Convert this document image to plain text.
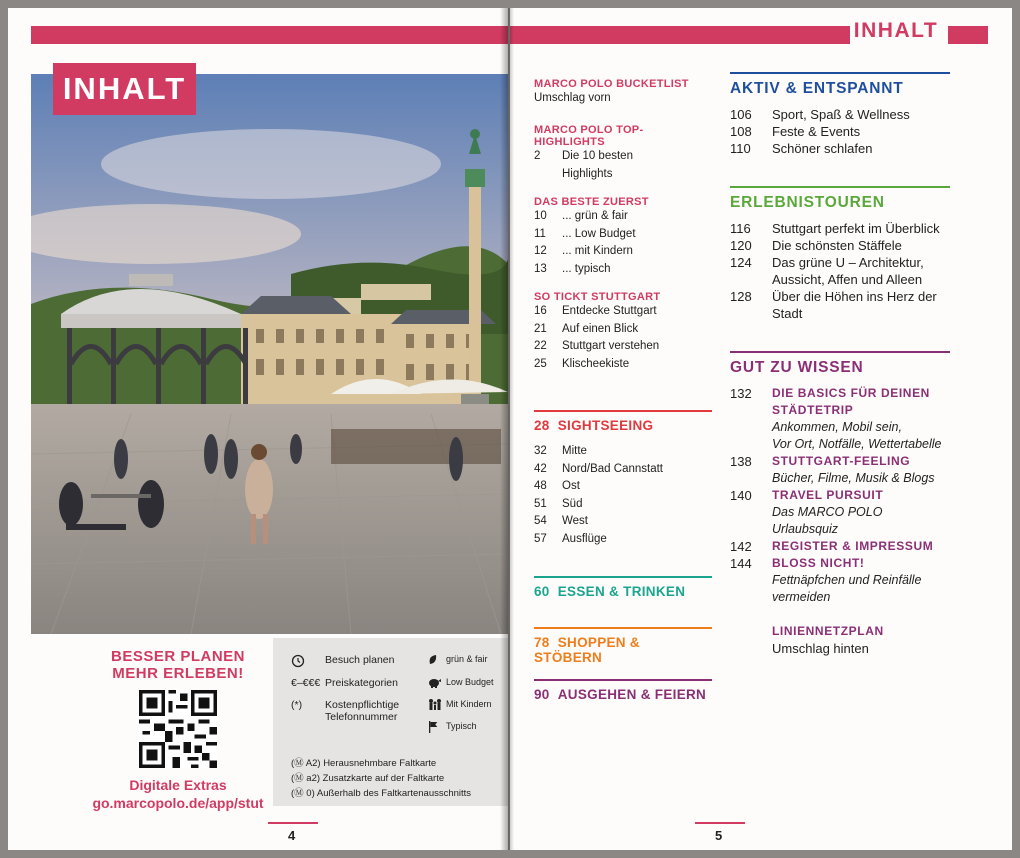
INHALT
BESSER PLANEN
MEHR ERLEBEN!
Digitale Extras
go.marcopolo.de/app/stut
Besuch planen
€–€€€ Preiskategorien
(*)	Kostenpflichtige Telefonnummer
grün & fair
Low Budget
Mit Kindern
Typisch
(Ⓜ A2) Herausnehmbare Faltkarte
(Ⓜ a2) Zusatzkarte auf der Faltkarte
(Ⓜ 0) Außerhalb des Faltkartenausschnitts
4
INHALT
MARCO POLO BUCKETLIST
Umschlag vorn
MARCO POLO TOP-HIGHLIGHTS
2	Die 10 besten
Highlights
DAS BESTE ZUERST
10	... grün & fair
11	... Low Budget
12	... mit Kindern
13	... typisch
SO TICKT STUTTGART
16	Entdecke Stuttgart
21	Auf einen Blick
22	Stuttgart verstehen
25	Klischeekiste
28 SIGHTSEEING
32	Mitte
42	Nord/Bad Cannstatt
48	Ost
51	Süd
54	West
57	Ausflüge
60 ESSEN & TRINKEN
78 SHOPPEN & STÖBERN
90 AUSGEHEN & FEIERN
AKTIV & ENTSPANNT
106	Sport, Spaß & Wellness
108	Feste & Events
110	Schöner schlafen
ERLEBNISTOUREN
116	Stuttgart perfekt im Überblick
120	Die schönsten Stäffele
124	Das grüne U – Architektur,
Aussicht, Affen und Alleen
128	Über die Höhen ins Herz der
Stadt
GUT ZU WISSEN
132	DIE BASICS FÜR DEINEN
STÄDTETRIP
Ankommen, Mobil sein,
Vor Ort, Notfälle, Wettertabelle
138	STUTTGART-FEELING
Bücher, Filme, Musik & Blogs
140	TRAVEL PURSUIT
Das MARCO POLO Urlaubsquiz
142	REGISTER & IMPRESSUM
144	BLOSS NICHT!
Fettnäpfchen und Reinfälle
vermeiden
LINIENNETZPLAN
Umschlag hinten
5
